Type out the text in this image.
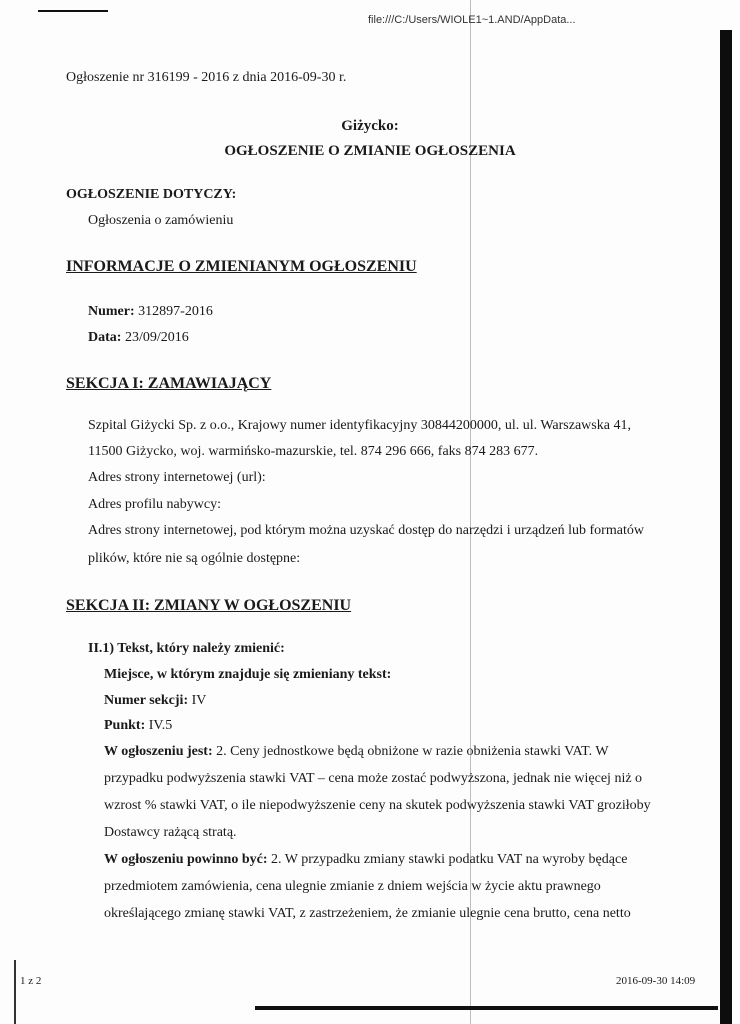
file:///C:/Users/WIOLE1~1.AND/AppData...
Ogłoszenie nr 316199 - 2016 z dnia 2016-09-30 r.
Giżycko:
OGŁOSZENIE O ZMIANIE OGŁOSZENIA
OGŁOSZENIE DOTYCZY:
Ogłoszenia o zamówieniu
INFORMACJE O ZMIENIANYM OGŁOSZENIU
Numer: 312897-2016
Data: 23/09/2016
SEKCJA I: ZAMAWIAJĄCY
Szpital Giżycki Sp. z o.o., Krajowy numer identyfikacyjny 30844200000, ul. ul. Warszawska 41,
11500 Giżycko, woj. warmińsko-mazurskie, tel. 874 296 666, faks 874 283 677.
Adres strony internetowej (url):
Adres profilu nabywcy:
Adres strony internetowej, pod którym można uzyskać dostęp do narzędzi i urządzeń lub formatów
plików, które nie są ogólnie dostępne:
SEKCJA II: ZMIANY W OGŁOSZENIU
II.1) Tekst, który należy zmienić:
Miejsce, w którym znajduje się zmieniany tekst:
Numer sekcji: IV
Punkt: IV.5
W ogłoszeniu jest: 2. Ceny jednostkowe będą obniżone w razie obniżenia stawki VAT. W
przypadku podwyższenia stawki VAT – cena może zostać podwyższona, jednak nie więcej niż o
wzrost % stawki VAT, o ile niepodwyższenie ceny na skutek podwyższenia stawki VAT groziłoby
Dostawcy rażącą stratą.
W ogłoszeniu powinno być: 2. W przypadku zmiany stawki podatku VAT na wyroby będące
przedmiotem zamówienia, cena ulegnie zmianie z dniem wejścia w życie aktu prawnego
określającego zmianę stawki VAT, z zastrzeżeniem, że zmianie ulegnie cena brutto, cena netto
1 z 2	2016-09-30 14:09
